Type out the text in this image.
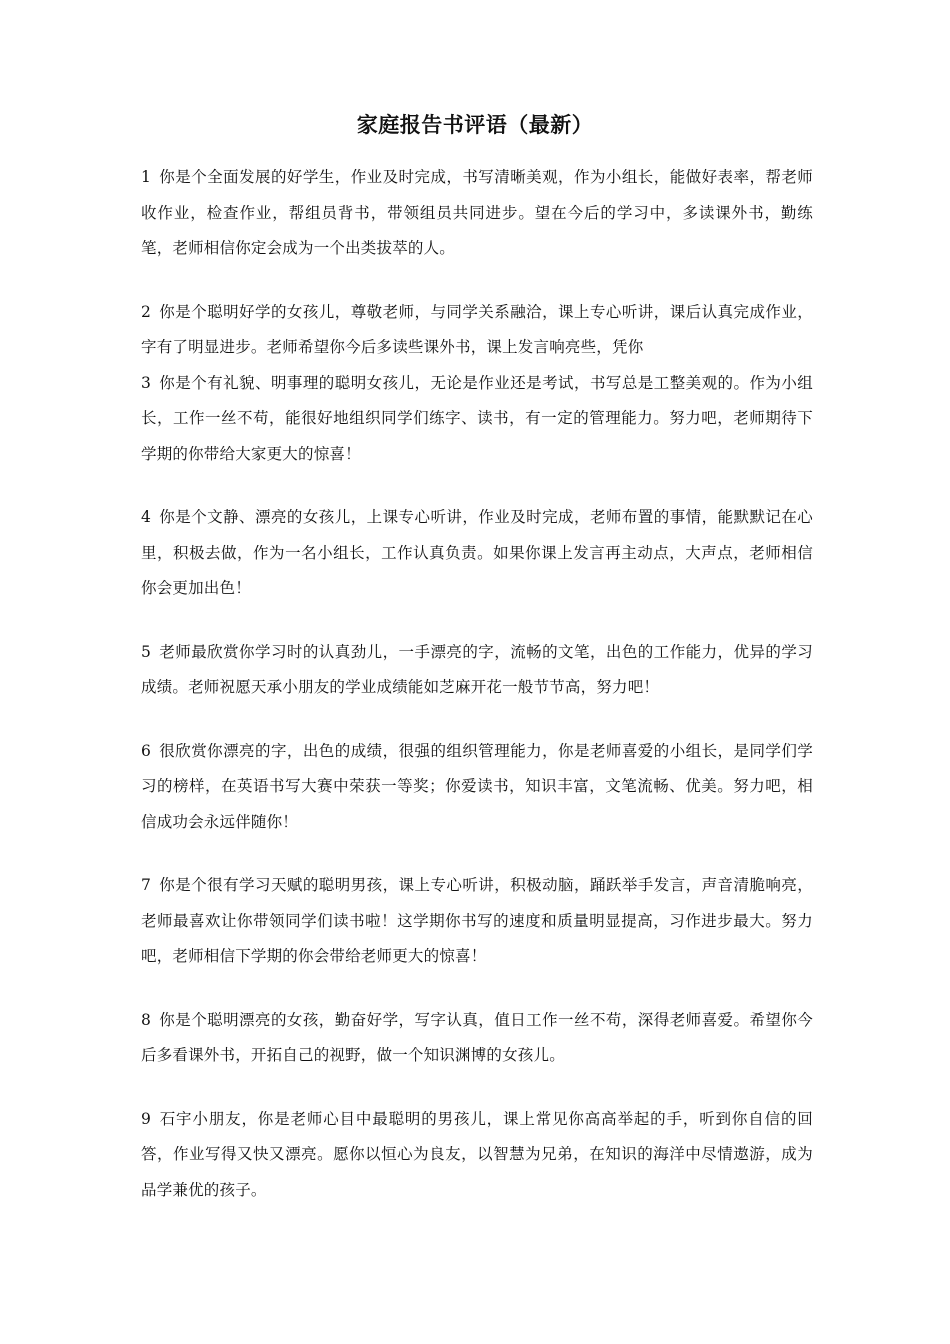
家庭报告书评语（最新）

1 你是个全面发展的好学生，作业及时完成，书写清晰美观，作为小组长，能做好表率，帮老师收作业，检查作业，帮组员背书，带领组员共同进步。望在今后的学习中，多读课外书，勤练笔，老师相信你定会成为一个出类拔萃的人。

2 你是个聪明好学的女孩儿，尊敬老师，与同学关系融洽，课上专心听讲，课后认真完成作业，字有了明显进步。老师希望你今后多读些课外书，课上发言响亮些，凭你

3 你是个有礼貌、明事理的聪明女孩儿，无论是作业还是考试，书写总是工整美观的。作为小组长，工作一丝不苟，能很好地组织同学们练字、读书，有一定的管理能力。努力吧，老师期待下学期的你带给大家更大的惊喜！

4 你是个文静、漂亮的女孩儿，上课专心听讲，作业及时完成，老师布置的事情，能默默记在心里，积极去做，作为一名小组长，工作认真负责。如果你课上发言再主动点，大声点，老师相信你会更加出色！

5 老师最欣赏你学习时的认真劲儿，一手漂亮的字，流畅的文笔，出色的工作能力，优异的学习成绩。老师祝愿天承小朋友的学业成绩能如芝麻开花一般节节高，努力吧！

6 很欣赏你漂亮的字，出色的成绩，很强的组织管理能力，你是老师喜爱的小组长，是同学们学习的榜样，在英语书写大赛中荣获一等奖；你爱读书，知识丰富，文笔流畅、优美。努力吧，相信成功会永远伴随你！

7 你是个很有学习天赋的聪明男孩，课上专心听讲，积极动脑，踊跃举手发言，声音清脆响亮，老师最喜欢让你带领同学们读书啦！这学期你书写的速度和质量明显提高，习作进步最大。努力吧，老师相信下学期的你会带给老师更大的惊喜！

8 你是个聪明漂亮的女孩，勤奋好学，写字认真，值日工作一丝不苟，深得老师喜爱。希望你今后多看课外书，开拓自己的视野，做一个知识渊博的女孩儿。

9 石宇小朋友，你是老师心目中最聪明的男孩儿，课上常见你高高举起的手，听到你自信的回答，作业写得又快又漂亮。愿你以恒心为良友，以智慧为兄弟，在知识的海洋中尽情遨游，成为品学兼优的孩子。
